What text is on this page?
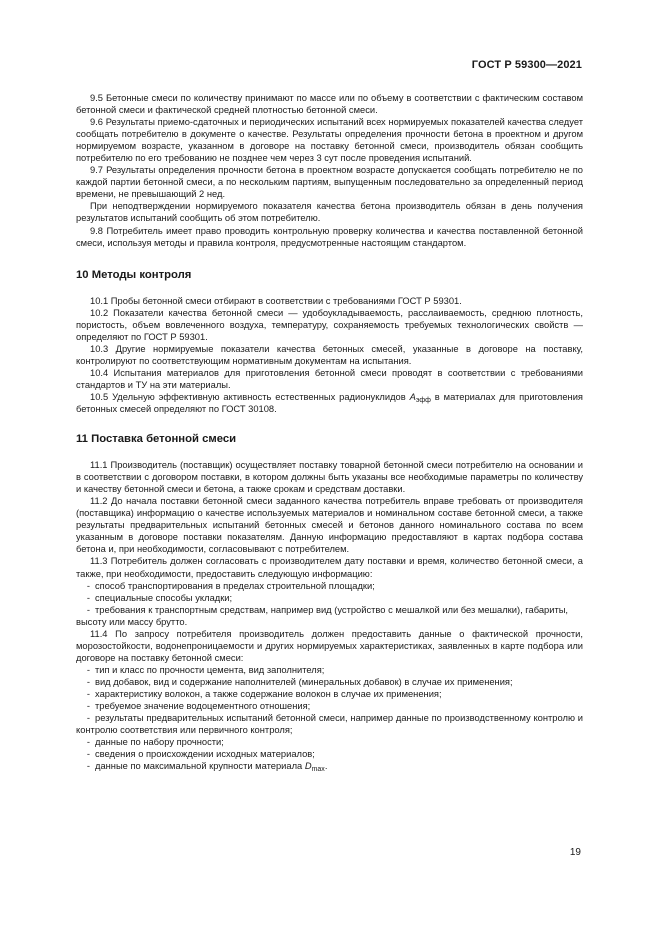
ГОСТ Р 59300—2021

9.5 Бетонные смеси по количеству принимают по массе или по объему в соответствии с фактическим составом бетонной смеси и фактической средней плотностью бетонной смеси.

9.6 Результаты приемо-сдаточных и периодических испытаний всех нормируемых показателей качества следует сообщать потребителю в документе о качестве. Результаты определения прочности бетона в проектном и другом нормируемом возрасте, указанном в договоре на поставку бетонной смеси, производитель обязан сообщить потребителю по его требованию не позднее чем через 3 сут после проведения испытаний.

9.7 Результаты определения прочности бетона в проектном возрасте допускается сообщать потребителю не по каждой партии бетонной смеси, а по нескольким партиям, выпущенным последовательно за определенный период времени, не превышающий 2 нед.

При неподтверждении нормируемого показателя качества бетона производитель обязан в день получения результатов испытаний сообщить об этом потребителю.

9.8 Потребитель имеет право проводить контрольную проверку количества и качества поставленной бетонной смеси, используя методы и правила контроля, предусмотренные настоящим стандартом.

10 Методы контроля

10.1 Пробы бетонной смеси отбирают в соответствии с требованиями ГОСТ Р 59301.

10.2 Показатели качества бетонной смеси — удобоукладываемость, расслаиваемость, среднюю плотность, пористость, объем вовлеченного воздуха, температуру, сохраняемость требуемых технологических свойств — определяют по ГОСТ Р 59301.

10.3 Другие нормируемые показатели качества бетонных смесей, указанные в договоре на поставку, контролируют по соответствующим нормативным документам на испытания.

10.4 Испытания материалов для приготовления бетонной смеси проводят в соответствии с требованиями стандартов и ТУ на эти материалы.

10.5 Удельную эффективную активность естественных радионуклидов $А_{эфф}$ в материалах для приготовления бетонных смесей определяют по ГОСТ 30108.

11 Поставка бетонной смеси

11.1 Производитель (поставщик) осуществляет поставку товарной бетонной смеси потребителю на основании и в соответствии с договором поставки, в котором должны быть указаны все необходимые параметры по количеству и качеству бетонной смеси и бетона, а также срокам и средствам доставки.

11.2 До начала поставки бетонной смеси заданного качества потребитель вправе требовать от производителя (поставщика) информацию о качестве используемых материалов и номинальном составе бетонной смеси, а также результаты предварительных испытаний бетонных смесей и бетонов данного номинального состава по всем указанным в договоре поставки показателям. Данную информацию предоставляют в картах подбора состава бетона и, при необходимости, согласовывают с потребителем.

11.3 Потребитель должен согласовать с производителем дату поставки и время, количество бетонной смеси, а также, при необходимости, предоставить следующую информацию:

- способ транспортирования в пределах строительной площадки;

- специальные способы укладки;

- требования к транспортным средствам, например вид (устройство с мешалкой или без мешалки), габариты, высоту или массу брутто.

11.4 По запросу потребителя производитель должен предоставить данные о фактической прочности, морозостойкости, водонепроницаемости и других нормируемых характеристиках, заявленных в карте подбора или договоре на поставку бетонной смеси:

- тип и класс по прочности цемента, вид заполнителя;

- вид добавок, вид и содержание наполнителей (минеральных добавок) в случае их применения;

- характеристику волокон, а также содержание волокон в случае их применения;

- требуемое значение водоцементного отношения;

- результаты предварительных испытаний бетонной смеси, например данные по производственному контролю и контролю соответствия или первичного контроля;

- данные по набору прочности;

- сведения о происхождении исходных материалов;

- данные по максимальной крупности материала $D_{max}$.

19
